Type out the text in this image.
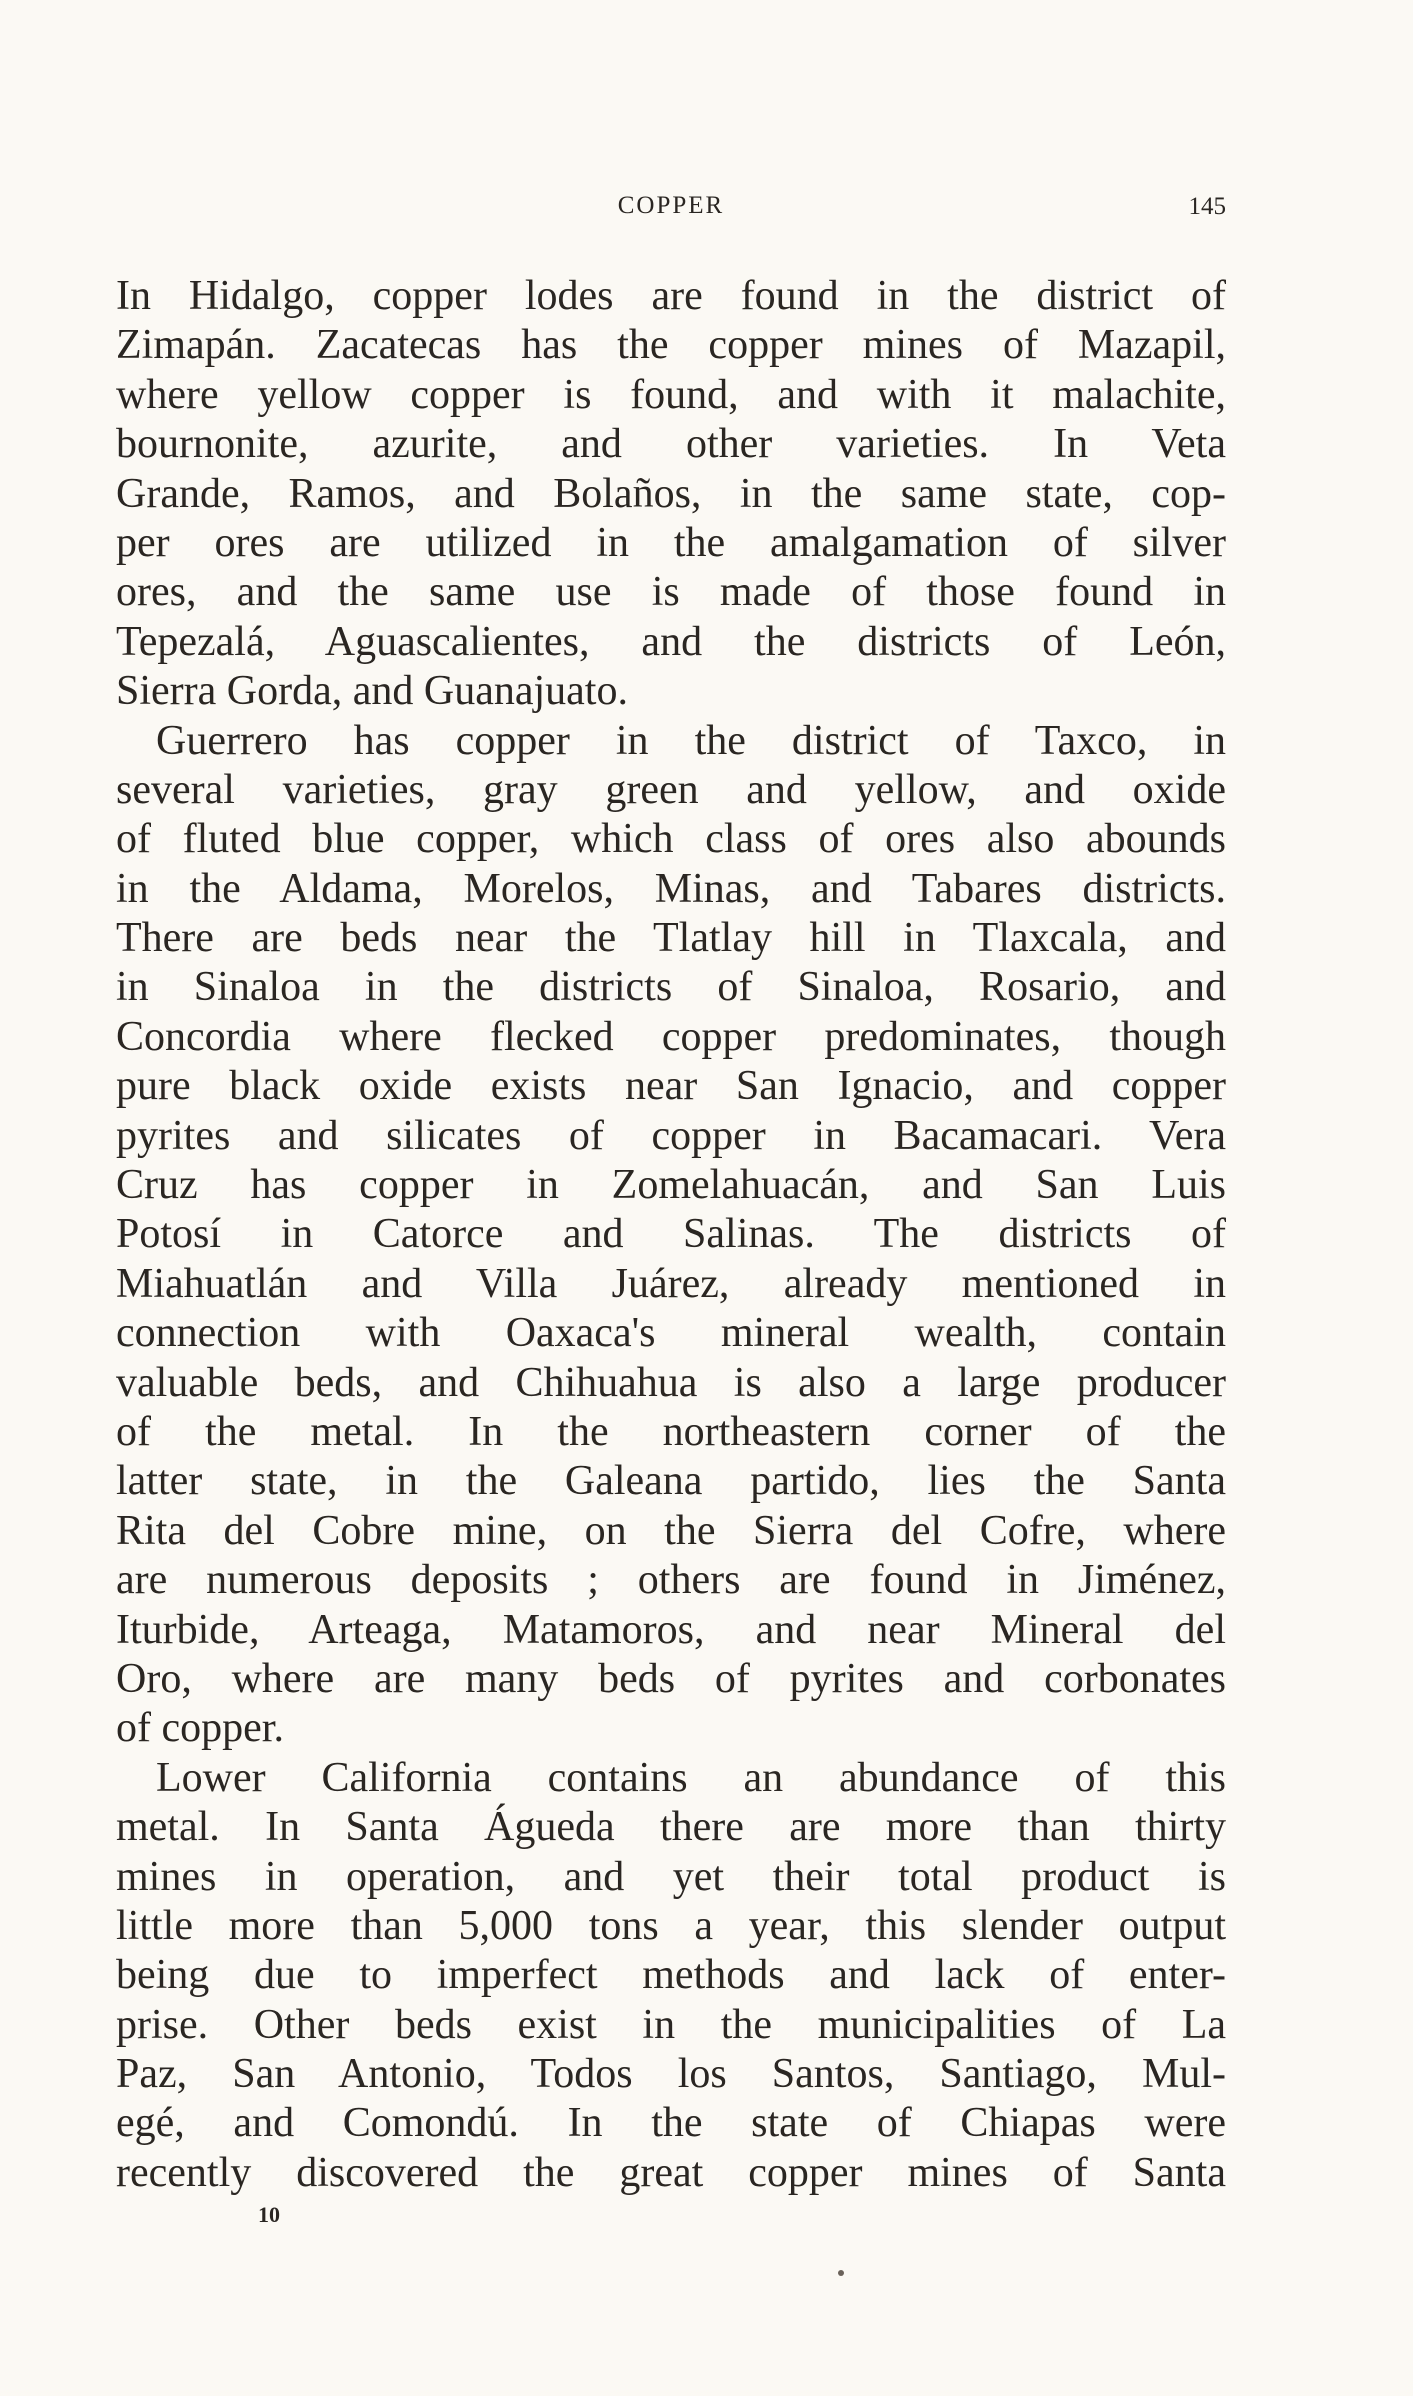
COPPER	145
In Hidalgo, copper lodes are found in the district of
Zimapán. Zacatecas has the copper mines of Mazapil,
where yellow copper is found, and with it malachite,
bournonite, azurite, and other varieties. In Veta
Grande, Ramos, and Bolaños, in the same state, cop-
per ores are utilized in the amalgamation of silver
ores, and the same use is made of those found in
Tepezalá, Aguascalientes, and the districts of León,
Sierra Gorda, and Guanajuato.
Guerrero has copper in the district of Taxco, in
several varieties, gray green and yellow, and oxide
of fluted blue copper, which class of ores also abounds
in the Aldama, Morelos, Minas, and Tabares districts.
There are beds near the Tlatlay hill in Tlaxcala, and
in Sinaloa in the districts of Sinaloa, Rosario, and
Concordia where flecked copper predominates, though
pure black oxide exists near San Ignacio, and copper
pyrites and silicates of copper in Bacamacari. Vera
Cruz has copper in Zomelahuacán, and San Luis
Potosí in Catorce and Salinas. The districts of
Miahuatlán and Villa Juárez, already mentioned in
connection with Oaxaca's mineral wealth, contain
valuable beds, and Chihuahua is also a large producer
of the metal. In the northeastern corner of the
latter state, in the Galeana partido, lies the Santa
Rita del Cobre mine, on the Sierra del Cofre, where
are numerous deposits ; others are found in Jiménez,
Iturbide, Arteaga, Matamoros, and near Mineral del
Oro, where are many beds of pyrites and corbonates
of copper.
Lower California contains an abundance of this
metal. In Santa Águeda there are more than thirty
mines in operation, and yet their total product is
little more than 5,000 tons a year, this slender output
being due to imperfect methods and lack of enter-
prise. Other beds exist in the municipalities of La
Paz, San Antonio, Todos los Santos, Santiago, Mul-
egé, and Comondú. In the state of Chiapas were
recently discovered the great copper mines of Santa
10
